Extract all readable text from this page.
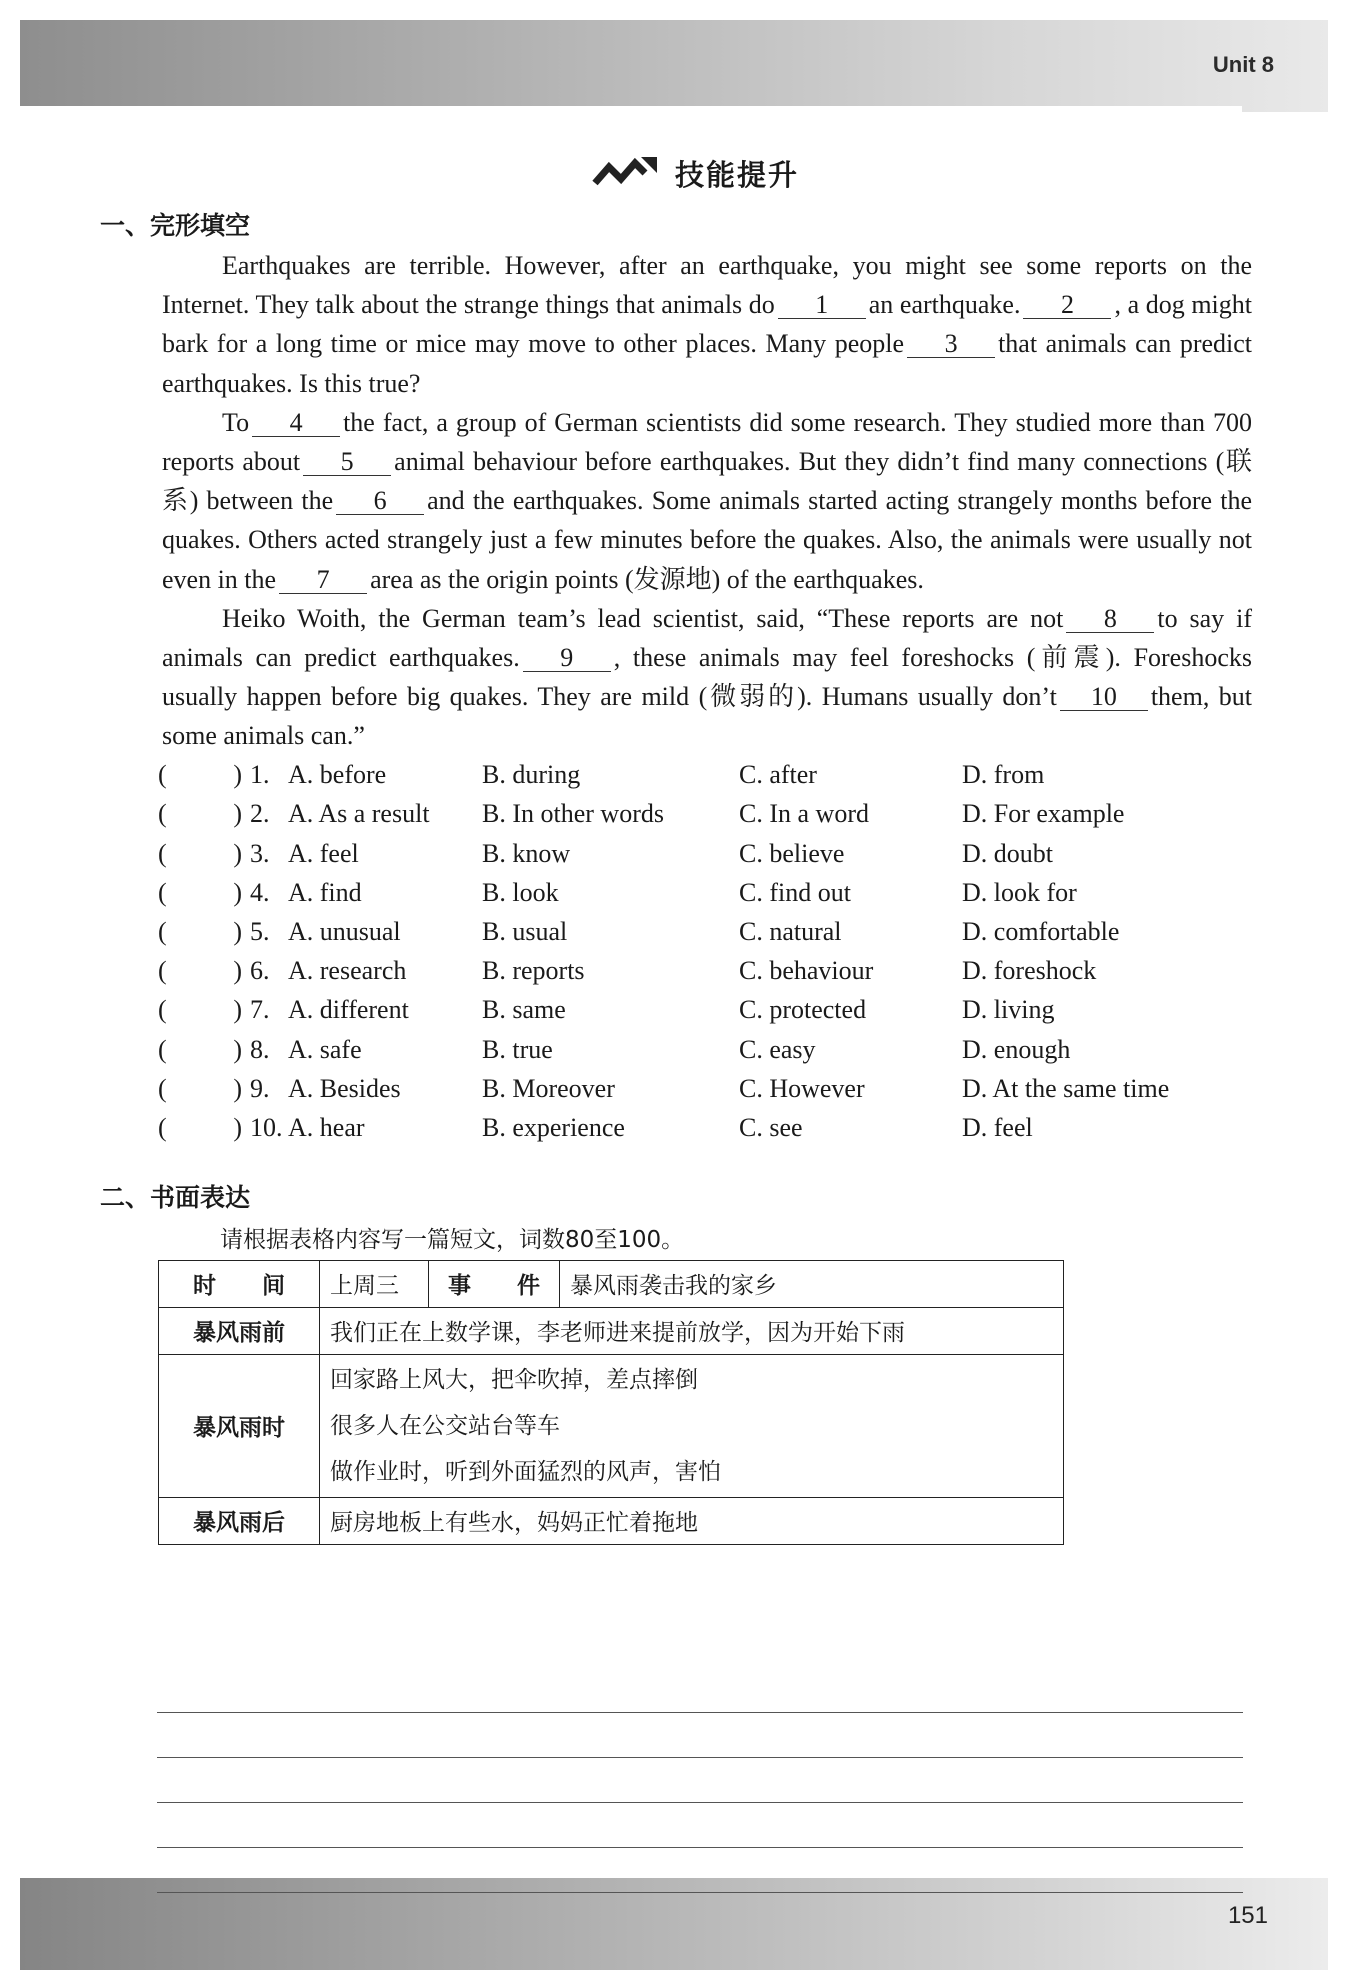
Unit 8
151
技能提升
一、完形填空

Earthquakes are terrible. However, after an earthquake, you might see some reports on the Internet. They talk about the strange things that animals do 1 an earthquake. 2 , a dog might bark for a long time or mice may move to other places. Many people 3 that animals can predict earthquakes. Is this true?

To 4 the fact, a group of German scientists did some research. They studied more than 700 reports about 5 animal behaviour before earthquakes. But they didn’t find many connections (联系) between the 6 and the earthquakes. Some animals started acting strangely months before the quakes. Others acted strangely just a few minutes before the quakes. Also, the animals were usually not even in the 7 area as the origin points (发源地) of the earthquakes.

Heiko Woith, the German team’s lead scientist, said, “These reports are not 8 to say if animals can predict earthquakes. 9 , these animals may feel foreshocks (前震). Foreshocks usually happen before big quakes. They are mild (微弱的). Humans usually don’t 10 them, but some animals can.”

(	) 1. A. before	B. during	C. after	D. from
(	) 2. A. As a result	B. In other words	C. In a word	D. For example
(	) 3. A. feel	B. know	C. believe	D. doubt
(	) 4. A. find	B. look	C. find out	D. look for
(	) 5. A. unusual	B. usual	C. natural	D. comfortable
(	) 6. A. research	B. reports	C. behaviour	D. foreshock
(	) 7. A. different	B. same	C. protected	D. living
(	) 8. A. safe	B. true	C. easy	D. enough
(	) 9. A. Besides	B. Moreover	C. However	D. At the same time
(	) 10. A. hear	B. experience	C. see	D. feel
二、书面表达
请根据表格内容写一篇短文，词数80至100。
时　　间	上周三	事　　件	暴风雨袭击我的家乡
暴风雨前	我们正在上数学课，李老师进来提前放学，因为开始下雨		
暴风雨时	回家路上风大，把伞吹掉，差点摔倒
很多人在公交站台等车
做作业时，听到外面猛烈的风声，害怕		

暴风雨后	厨房地板上有些水，妈妈正忙着拖地		
